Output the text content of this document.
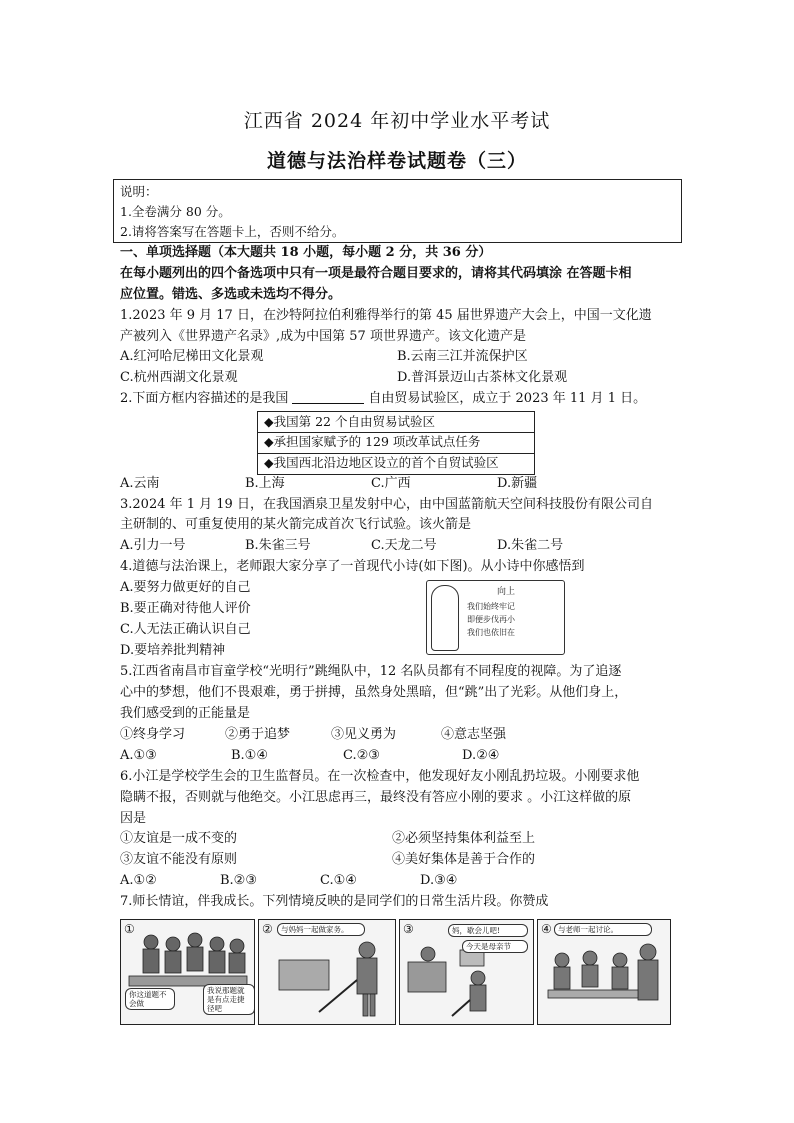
江西省 2024 年初中学业水平考试
道德与法治样卷试题卷（三）
说明：
1.全卷满分 80 分。
2.请将答案写在答题卡上，否则不给分。
一、单项选择题（本大题共 18 小题，每小题 2 分，共 36 分）
在每小题列出的四个备选项中只有一项是最符合题目要求的，请将其代码填涂 在答题卡相
应位置。错选、多选或未选均不得分。
1.2023 年 9 月 17 日，在沙特阿拉伯利雅得举行的第 45 届世界遗产大会上，中国一文化遗
产被列入《世界遗产名录》,成为中国第 57 项世界遗产。该文化遗产是
A.红河哈尼梯田文化景观	B.云南三江并流保护区
C.杭州西湖文化景观	D.普洱景迈山古茶林文化景观
2.下面方框内容描述的是我国	自由贸易试验区，成立于 2023 年 11 月 1 日。
◆我国第 22 个自由贸易试验区
◆承担国家赋予的 129 项改革试点任务
◆我国西北沿边地区设立的首个自贸试验区
A.云南	B.上海	C.广西	D.新疆
3.2024 年 1 月 19 日，在我国酒泉卫星发射中心，由中国蓝箭航天空间科技股份有限公司自
主研制的、可重复使用的某火箭完成首次飞行试验。该火箭是
A.引力一号	B.朱雀三号	C.天龙二号	D.朱雀二号
4.道德与法治课上，老师跟大家分享了一首现代小诗(如下图)。从小诗中你感悟到
A.要努力做更好的自己
B.要正确对待他人评价
C.人无法正确认识自己
D.要培养批判精神
向上
我们始终牢记
即便步伐再小
我们也依旧在
5.江西省南昌市盲童学校“光明行”跳绳队中，12 名队员都有不同程度的视障。为了追逐
心中的梦想，他们不畏艰难，勇于拼搏，虽然身处黑暗，但“跳”出了光彩。从他们身上，
我们感受到的正能量是
①终身学习	②勇于追梦	③见义勇为	④意志坚强
A.①③	B.①④	C.②③	D.②④
6.小江是学校学生会的卫生监督员。在一次检查中，他发现好友小刚乱扔垃圾。小刚要求他
隐瞒不报，否则就与他绝交。小江思虑再三，最终没有答应小刚的要求 。小江这样做的原
因是
①友谊是一成不变的	②必须坚持集体利益至上
③友谊不能没有原则	④美好集体是善于合作的
A.①②	B.②③	C.①④	D.③④
7.师长情谊，伴我成长。下列情境反映的是同学们的日常生活片段。你赞成
①
你这道题不会做
我说那题就是有点走捷径吧
②	与妈妈一起做家务。	③	妈，歇会儿吧!
今天是母亲节
④ 与老师一起讨论。
